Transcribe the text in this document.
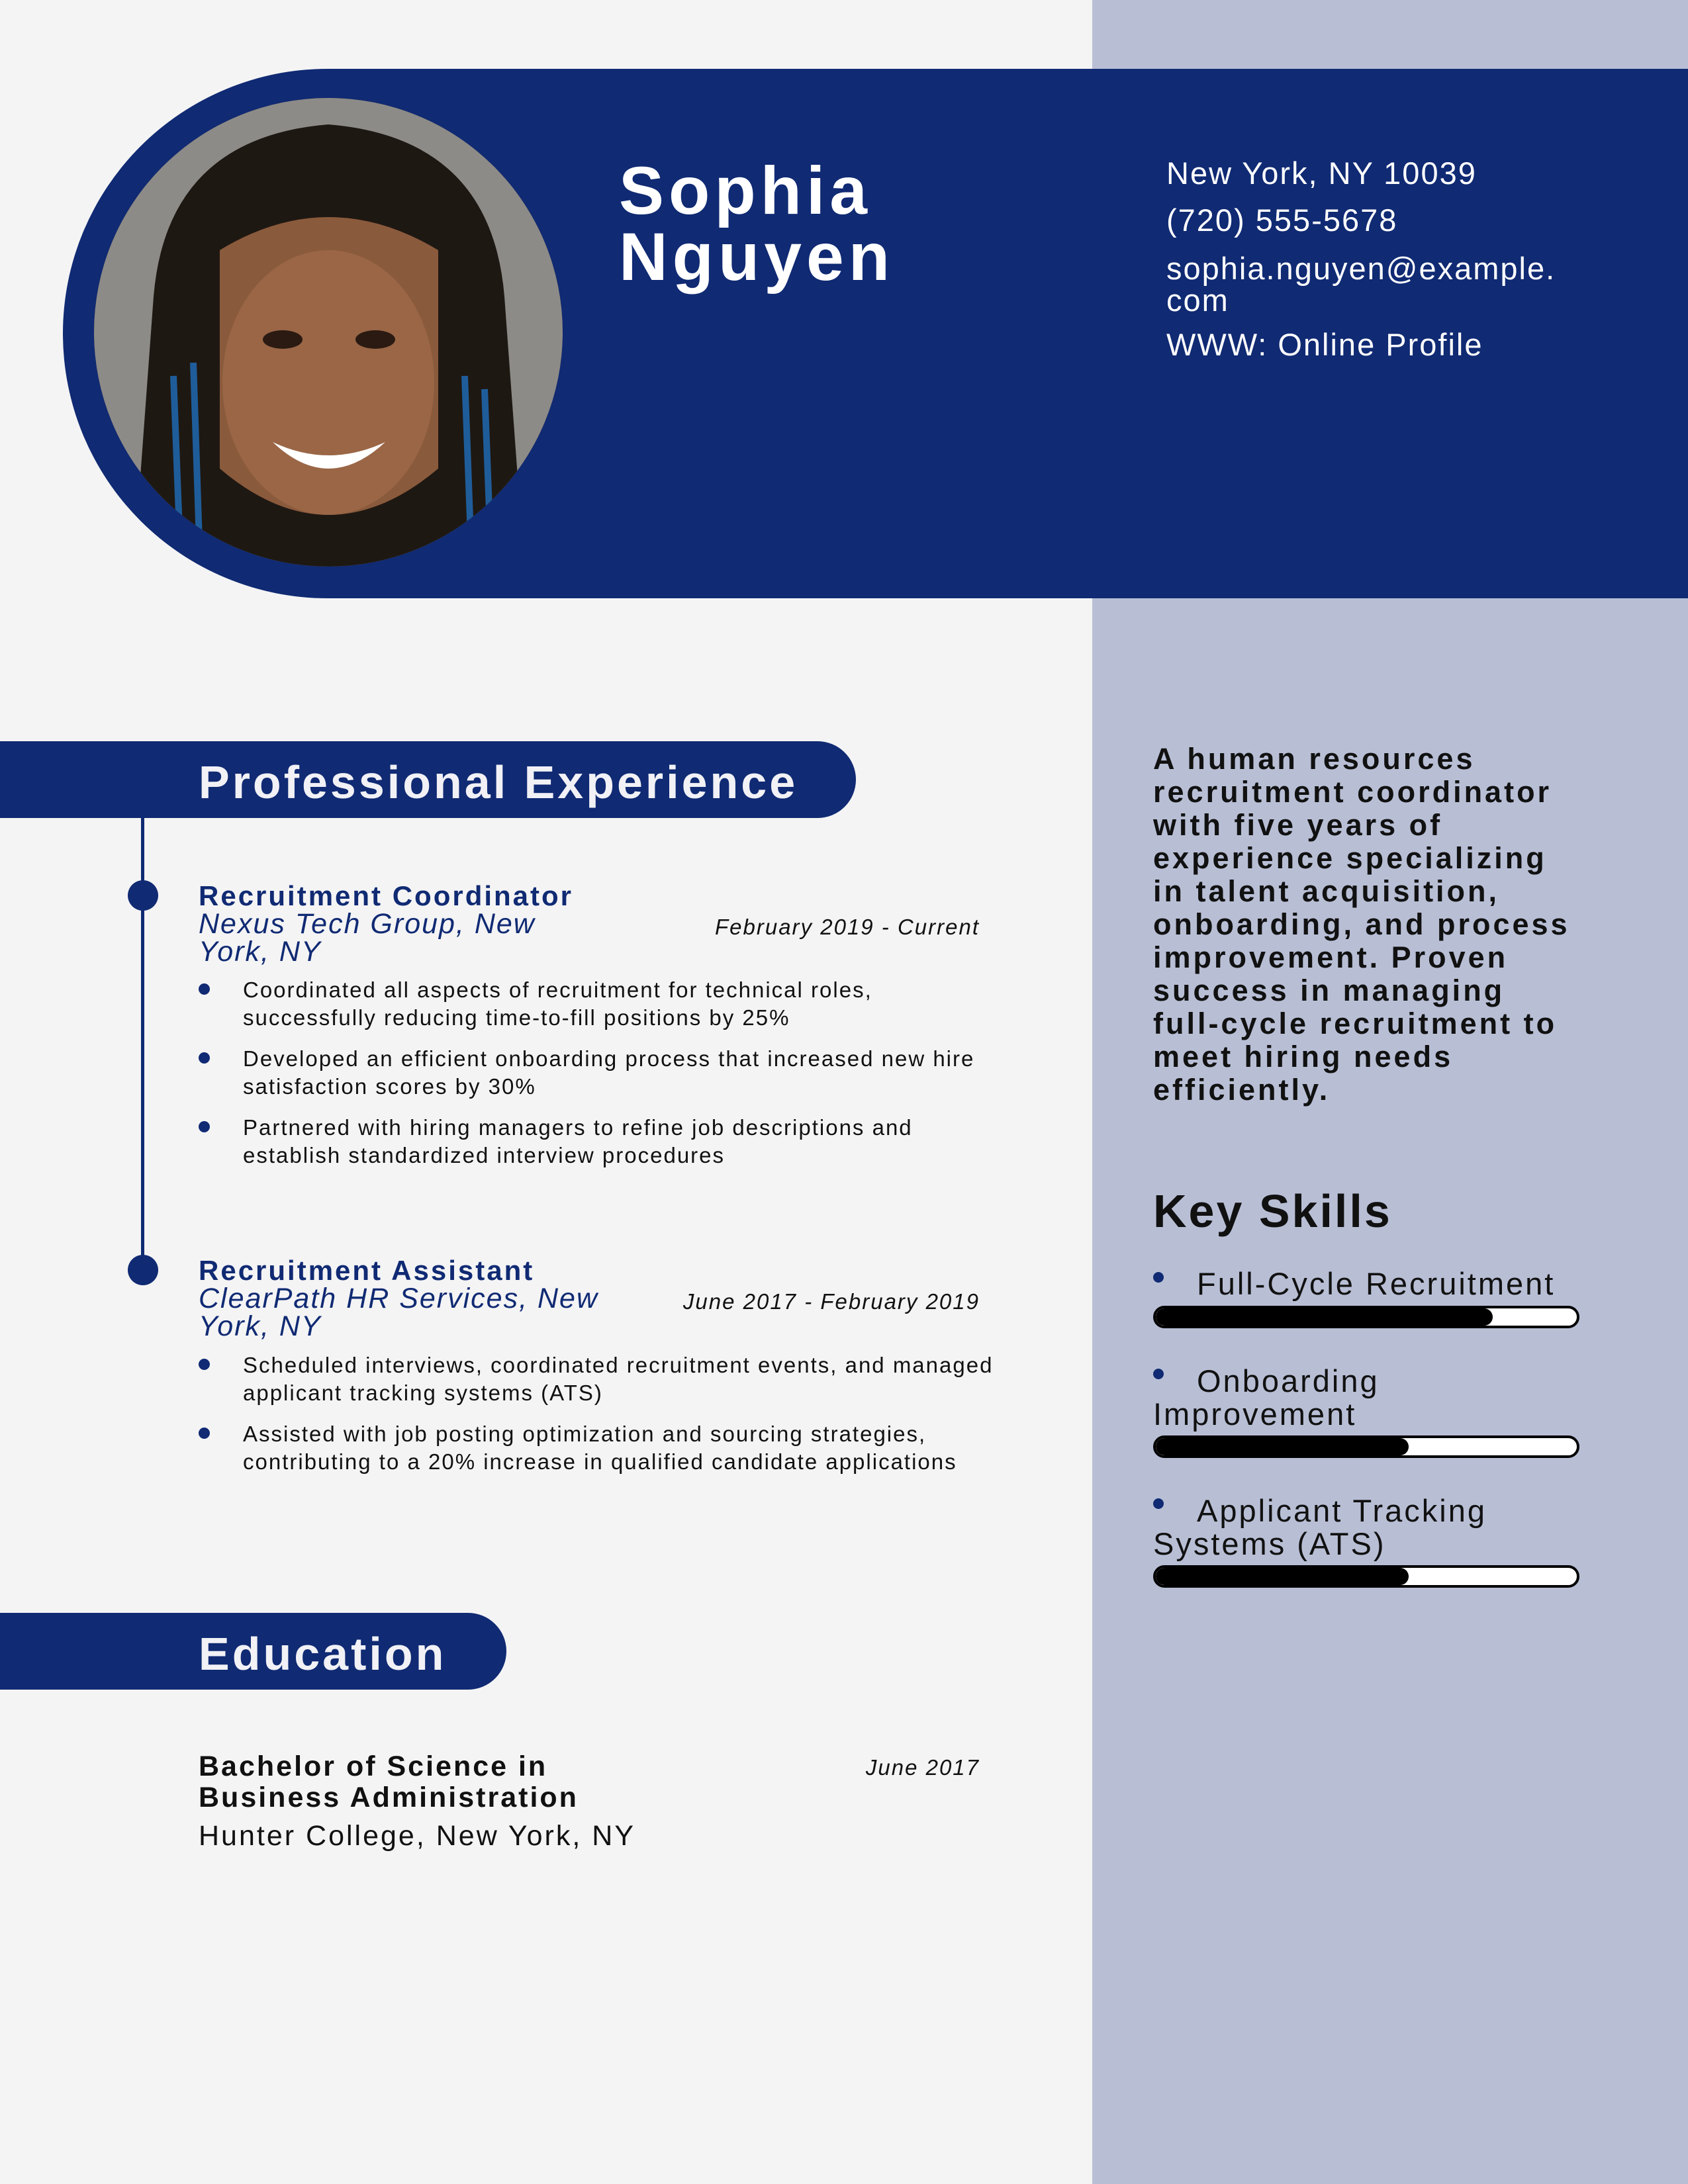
Sophia
Nguyen
New York, NY 10039
(720) 555-5678
sophia.nguyen@example.
com
WWW: Online Profile
Professional Experience
Recruitment Coordinator
Nexus Tech Group, New York, NY
February 2019 - Current
Coordinated all aspects of recruitment for technical roles, successfully reducing time-to-fill positions by 25%
Developed an efficient onboarding process that increased new hire satisfaction scores by 30%
Partnered with hiring managers to refine job descriptions and establish standardized interview procedures
Recruitment Assistant
ClearPath HR Services, New York, NY
June 2017 - February 2019
Scheduled interviews, coordinated recruitment events, and managed applicant tracking systems (ATS)
Assisted with job posting optimization and sourcing strategies, contributing to a 20% increase in qualified candidate applications
Education
Bachelor of Science in
Business Administration
June 2017
Hunter College, New York, NY
A human resources recruitment coordinator with five years of experience specializing in talent acquisition, onboarding, and process improvement. Proven success in managing full-cycle recruitment to meet hiring needs efficiently.
Key Skills
Full-Cycle Recruitment
Onboarding Improvement
Applicant Tracking Systems (ATS)
